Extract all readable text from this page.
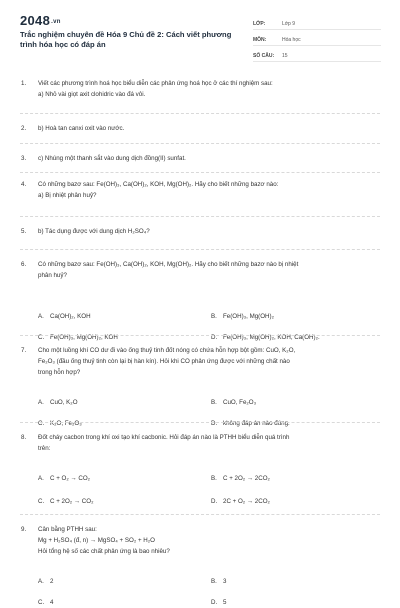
2048.vn
Trắc nghiệm chuyên đề Hóa 9 Chủ đề 2: Cách viết phương trình hóa học có đáp án
LỚP:	Lớp 9
MÔN:	Hóa học
SỐ CÂU:	15
1. Viết các phương trình hoá học biểu diễn các phản ứng hoá học ở các thí nghiệm sau:
a) Nhỏ vài giọt axit clohidric vào đá vôi.
2. b) Hoà tan canxi oxit vào nước.
3. c) Nhúng một thanh sắt vào dung dịch đồng(II) sunfat.
4. Có những bazơ sau: Fe(OH)₃, Ca(OH)₂, KOH, Mg(OH)₂. Hãy cho biết những bazơ nào:
a) Bị nhiệt phân huỷ?
5. b) Tác dụng được với dung dịch H₂SO₄?
6. Có những bazơ sau: Fe(OH)₃, Ca(OH)₂, KOH, Mg(OH)₂. Hãy cho biết những bazơ nào bị nhiệt
phân huỷ?
A. Ca(OH)₂, KOH	B. Fe(OH)₃, Mg(OH)₂
C. Fe(OH)₃, Mg(OH)₂, KOH	D. Fe(OH)₃, Mg(OH)₂, KOH, Ca(OH)₂.
7. Cho một luồng khí CO dư đi vào ống thuỷ tinh đốt nóng có chứa hỗn hợp bột gồm: CuO, K₂O,
Fe₂O₃ (đầu ống thuỷ tinh còn lại bị hàn kín). Hỏi khi CO phản ứng được với những chất nào
trong hỗn hợp?
A. CuO, K₂O	B. CuO, Fe₂O₃
C. K₂O, Fe₂O₃	D. không đáp án nào đúng.
8. Đốt cháy cacbon trong khí oxi tạo khí cacbonic. Hỏi đáp án nào là PTHH biểu diễn quá trình
trên:
A. C + O₂ → CO₂	B. C + 2O₂ → 2CO₂
C. C + 2O₂ → CO₂	D. 2C + O₂ → 2CO₂
9. Cân bằng PTHH sau:
Mg + H₂SO₄ (đ, n) → MgSO₄ + SO₂ + H₂O
Hỏi tổng hệ số các chất phản ứng là bao nhiêu?
A. 2	B. 3
C. 4	D. 5
